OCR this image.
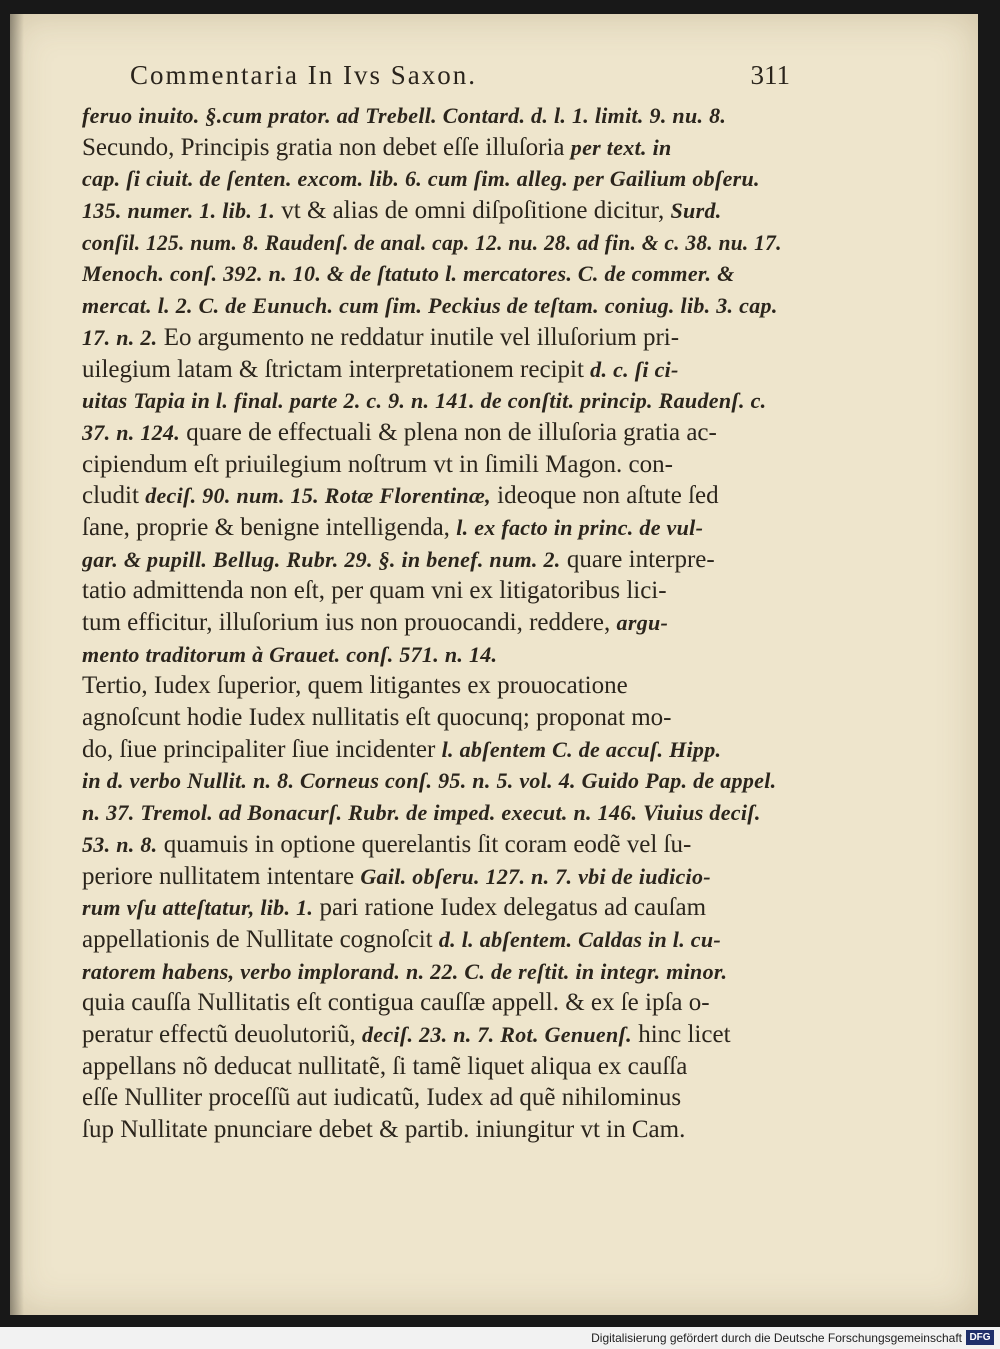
Commentaria In Ivs Saxon.	311
feruo inuito. §.cum prator. ad Trebell. Contard. d. l. 1. limit. 9. nu. 8.
Secundo, Principis gratia non debet eſſe illuſoria per text. in
cap. ſi ciuit. de ſenten. excom. lib. 6. cum ſim. alleg. per Gailium obſeru.
135. numer. 1. lib. 1. vt & alias de omni diſpoſitione dicitur, Surd.
conſil. 125. num. 8. Raudenſ. de anal. cap. 12. nu. 28. ad fin. & c. 38. nu. 17.
Menoch. conſ. 392. n. 10. & de ſtatuto l. mercatores. C. de commer. &
mercat. l. 2. C. de Eunuch. cum ſim. Peckius de teſtam. coniug. lib. 3. cap.
17. n. 2. Eo argumento ne reddatur inutile vel illuſorium pri-
uilegium latam & ſtrictam interpretationem recipit d. c. ſi ci-
uitas Tapia in l. final. parte 2. c. 9. n. 141. de conſtit. princip. Raudenſ. c.
37. n. 124. quare de effectuali & plena non de illuſoria gratia ac-
cipiendum eſt priuilegium noſtrum vt in ſimili Magon. con-
cludit deciſ. 90. num. 15. Rotæ Florentinæ, ideoque non aſtute ſed
ſane, proprie & benigne intelligenda, l. ex facto in princ. de vul-
gar. & pupill. Bellug. Rubr. 29. §. in benef. num. 2. quare interpre-
tatio admittenda non eſt, per quam vni ex litigatoribus lici-
tum efficitur, illuſorium ius non prouocandi, reddere, argu-
mento traditorum à Grauet. conſ. 571. n. 14.
Tertio, Iudex ſuperior, quem litigantes ex prouocatione
agnoſcunt hodie Iudex nullitatis eſt quocunq; proponat mo-
do, ſiue principaliter ſiue incidenter l. abſentem C. de accuſ. Hipp.
in d. verbo Nullit. n. 8. Corneus conſ. 95. n. 5. vol. 4. Guido Pap. de appel.
n. 37. Tremol. ad Bonacurſ. Rubr. de imped. execut. n. 146. Viuius deciſ.
53. n. 8. quamuis in optione querelantis ſit coram eodẽ vel ſu-
periore nullitatem intentare Gail. obſeru. 127. n. 7. vbi de iudicio-
rum vſu atteſtatur, lib. 1. pari ratione Iudex delegatus ad cauſam
appellationis de Nullitate cognoſcit d. l. abſentem. Caldas in l. cu-
ratorem habens, verbo implorand. n. 22. C. de reſtit. in integr. minor.
quia cauſſa Nullitatis eſt contigua cauſſæ appell. & ex ſe ipſa o-
peratur effectũ deuolutoriũ, deciſ. 23. n. 7. Rot. Genuenſ. hinc licet
appellans nõ deducat nullitatẽ, ſi tamẽ liquet aliqua ex cauſſa
eſſe Nulliter proceſſũ aut iudicatũ, Iudex ad quẽ nihilominus
ſup Nullitate pnunciare debet & partib. iniungitur vt in Cam.
Digitalisierung gefördert durch die Deutsche Forschungsgemeinschaft DFG
